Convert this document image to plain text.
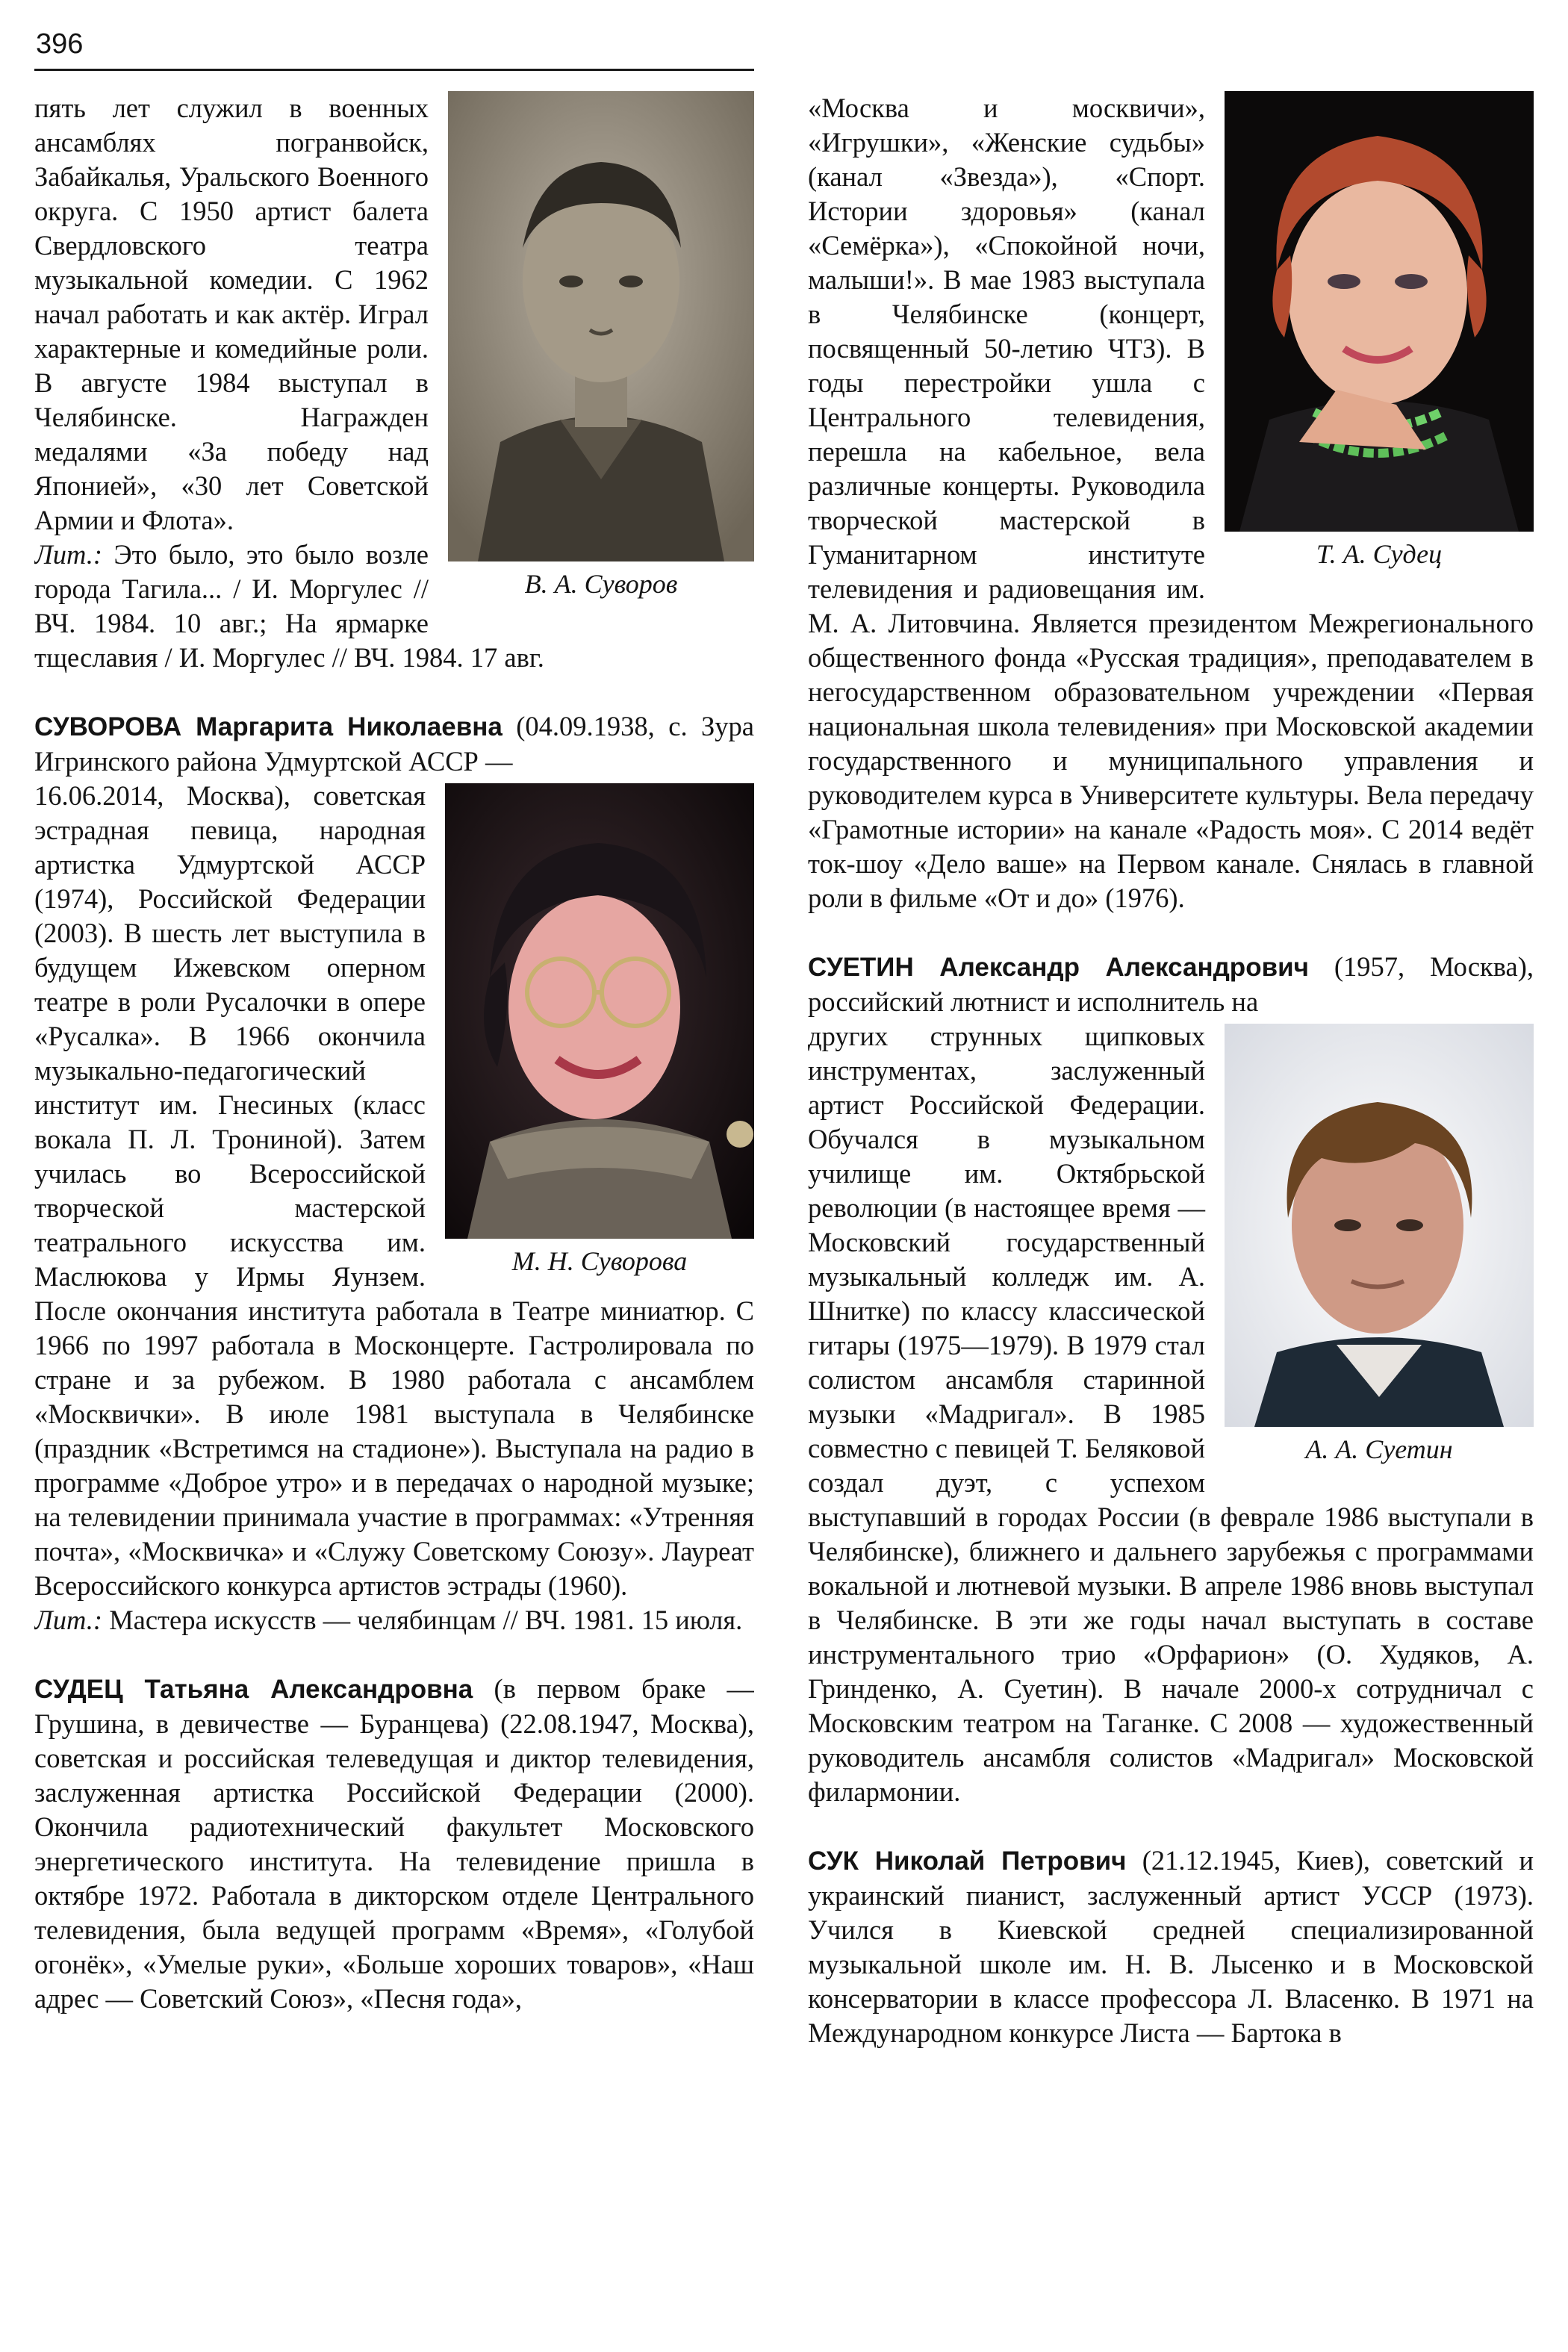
396
В. А. Суворов

пять лет служил в военных ансамблях погранвойск, Забайкалья, Уральского Военного округа. С 1950 артист балета Свердловского театра музыкальной комедии. С 1962 начал работать и как актёр. Играл характерные и комедийные роли. В августе 1984 выступал в Челябинске. Награжден медалями «За победу над Японией», «30 лет Советской Армии и Флота».

Лит.: Это было, это было возле города Тагила... / И. Моргулес // ВЧ. 1984. 10 авг.; На ярмарке тщеславия / И. Моргулес // ВЧ. 1984. 17 авг.

СУВОРОВА Маргарита Николаевна (04.09.1938, с. Зура Игринского района Удмуртской АССР —

М. Н. Суворова

16.06.2014, Москва), советская эстрадная певица, народная артистка Удмуртской АССР (1974), Российской Федерации (2003). В шесть лет выступила в будущем Ижевском оперном театре в роли Русалочки в опере «Русалка». В 1966 окончила музыкально-педагогический институт им. Гнесиных (класс вокала П. Л. Трониной). Затем училась во Всероссийской творческой мастерской театрального искусства им. Маслюкова у Ирмы Яунзем. После окончания института работала в Театре миниатюр. С 1966 по 1997 работала в Москонцерте. Гастролировала по стране и за рубежом. В 1980 работала с ансамблем «Москвички». В июле 1981 выступала в Челябинске (праздник «Встретимся на стадионе»). Выступала на радио в программе «Доброе утро» и в передачах о народной музыке; на телевидении принимала участие в программах: «Утренняя почта», «Москвичка» и «Служу Советскому Союзу». Лауреат Всероссийского конкурса артистов эстрады (1960).

Лит.: Мастера искусств — челябинцам // ВЧ. 1981. 15 июля.

СУДЕЦ Татьяна Александровна (в первом браке — Грушина, в девичестве — Буранцева) (22.08.1947, Москва), советская и российская телеведущая и диктор телевидения, заслуженная артистка Российской Федерации (2000). Окончила радиотехнический факультет Московского энергетического института. На телевидение пришла в октябре 1972. Работала в дикторском отделе Центрального телевидения, была ведущей программ «Время», «Голубой огонёк», «Умелые руки», «Больше хороших товаров», «Наш адрес — Советский Союз», «Песня года»,

Т. А. Судец

«Москва и москвичи», «Игрушки», «Женские судьбы» (канал «Звезда»), «Спорт. Истории здоровья» (канал «Семёрка»), «Спокойной ночи, малыши!». В мае 1983 выступала в Челябинске (концерт, посвященный 50-летию ЧТЗ). В годы перестройки ушла с Центрального телевидения, перешла на кабельное, вела различные концерты. Руководила творческой мастерской в Гуманитарном институте телевидения и радиовещания им. М. А. Литовчина. Является президентом Межрегионального общественного фонда «Русская традиция», преподавателем в негосударственном образовательном учреждении «Первая национальная школа телевидения» при Московской академии государственного и муниципального управления и руководителем курса в Университете культуры. Вела передачу «Грамотные истории» на канале «Радость моя». С 2014 ведёт ток-шоу «Дело ваше» на Первом канале. Снялась в главной роли в фильме «От и до» (1976).

СУЕТИН Александр Александрович (1957, Москва), российский лютнист и исполнитель на

А. А. Суетин

других струнных щипковых инструментах, заслуженный артист Российской Федерации. Обучался в музыкальном училище им. Октябрьской революции (в настоящее время — Московский государственный музыкальный колледж им. А. Шнитке) по классу классической гитары (1975—1979). В 1979 стал солистом ансамбля старинной музыки «Мадригал». В 1985 совместно с певицей Т. Беляковой создал дуэт, с успехом выступавший в городах России (в феврале 1986 выступали в Челябинске), ближнего и дальнего зарубежья с программами вокальной и лютневой музыки. В апреле 1986 вновь выступал в Челябинске. В эти же годы начал выступать в составе инструментального трио «Орфарион» (О. Худяков, А. Гринденко, А. Суетин). В начале 2000-х сотрудничал с Московским театром на Таганке. С 2008 — художественный руководитель ансамбля солистов «Мадригал» Московской филармонии.

СУК Николай Петрович (21.12.1945, Киев), советский и украинский пианист, заслуженный артист УССР (1973). Учился в Киевской средней специализированной музыкальной школе им. Н. В. Лысенко и в Московской консерватории в классе профессора Л. Власенко. В 1971 на Международном конкурсе Листа — Бартока в
